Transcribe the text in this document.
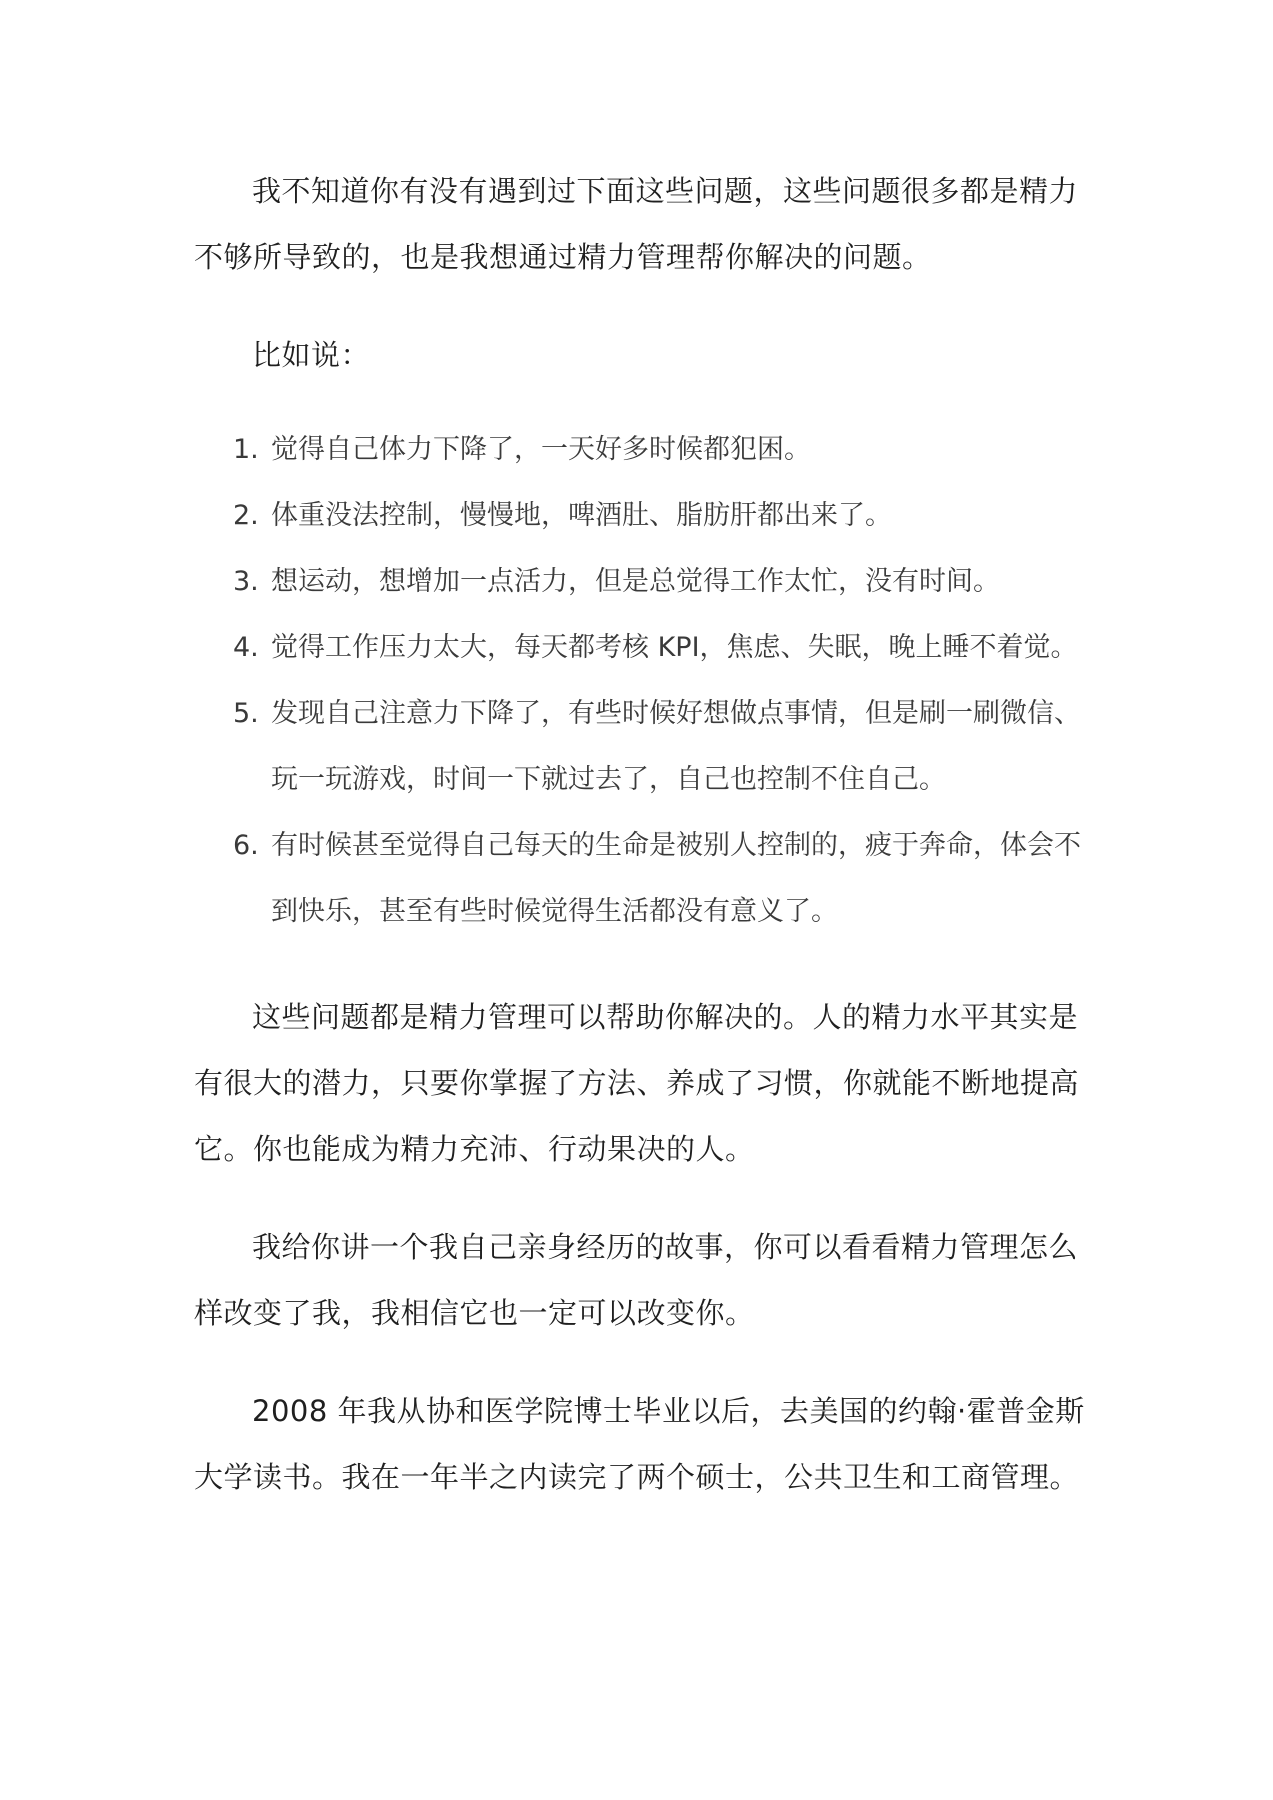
我不知道你有没有遇到过下面这些问题，这些问题很多都是精力不够所导致的，也是我想通过精力管理帮你解决的问题。

比如说：

1. 觉得自己体力下降了，一天好多时候都犯困。
2. 体重没法控制，慢慢地，啤酒肚、脂肪肝都出来了。
3. 想运动，想增加一点活力，但是总觉得工作太忙，没有时间。
4. 觉得工作压力太大，每天都考核 KPI，焦虑、失眠，晚上睡不着觉。
5. 发现自己注意力下降了，有些时候好想做点事情，但是刷一刷微信、玩一玩游戏，时间一下就过去了，自己也控制不住自己。
6. 有时候甚至觉得自己每天的生命是被别人控制的，疲于奔命，体会不到快乐，甚至有些时候觉得生活都没有意义了。

这些问题都是精力管理可以帮助你解决的。人的精力水平其实是有很大的潜力，只要你掌握了方法、养成了习惯，你就能不断地提高它。你也能成为精力充沛、行动果决的人。

我给你讲一个我自己亲身经历的故事，你可以看看精力管理怎么样改变了我，我相信它也一定可以改变你。

2008 年我从协和医学院博士毕业以后，去美国的约翰·霍普金斯大学读书。我在一年半之内读完了两个硕士，公共卫生和工商管理。
